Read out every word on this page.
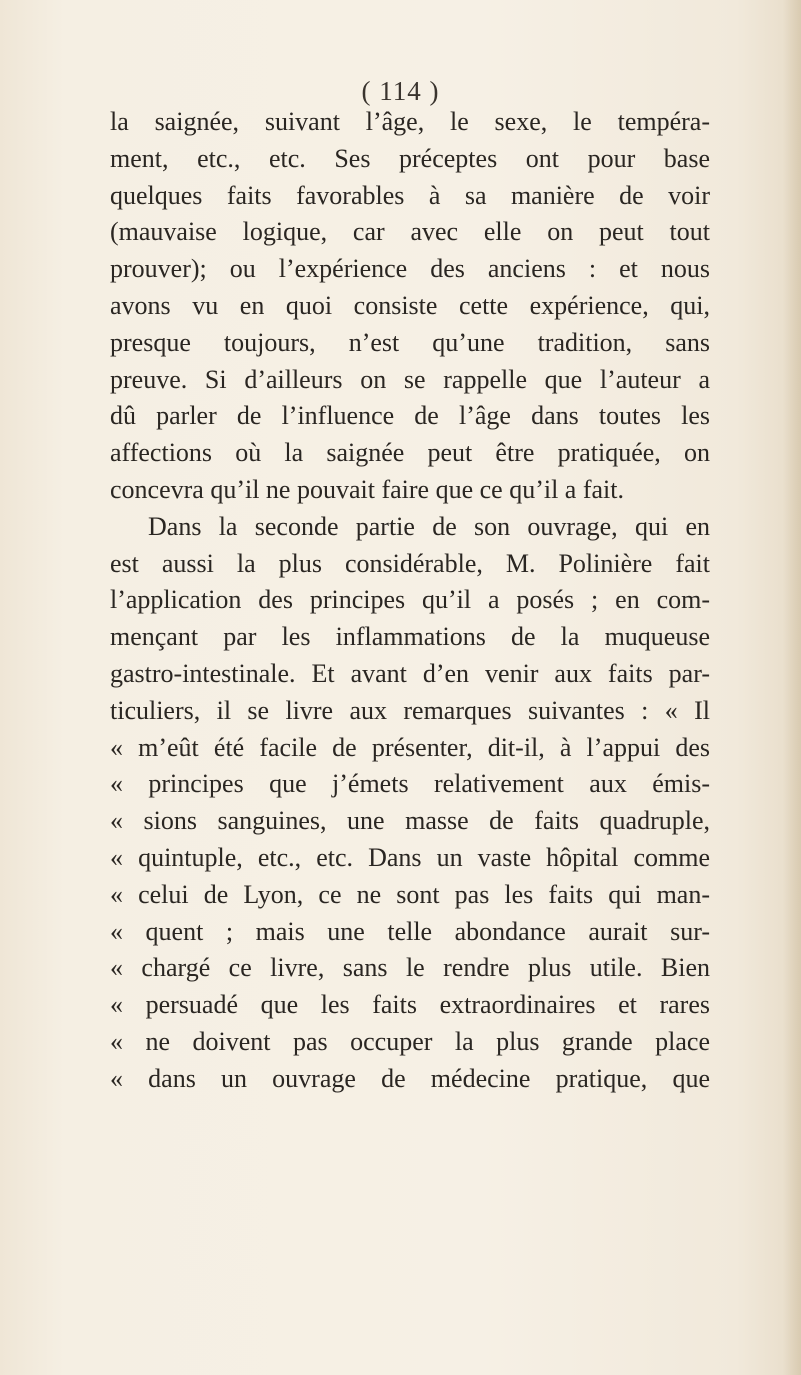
( 114 )
la saignée, suivant l’âge, le sexe, le tempéra-
ment, etc., etc. Ses préceptes ont pour base
quelques faits favorables à sa manière de voir
(mauvaise logique, car avec elle on peut tout
prouver); ou l’expérience des anciens : et nous
avons vu en quoi consiste cette expérience, qui,
presque toujours, n’est qu’une tradition, sans
preuve. Si d’ailleurs on se rappelle que l’auteur a
dû parler de l’influence de l’âge dans toutes les
affections où la saignée peut être pratiquée, on
concevra qu’il ne pouvait faire que ce qu’il a fait.
Dans la seconde partie de son ouvrage, qui en
est aussi la plus considérable, M. Polinière fait
l’application des principes qu’il a posés ; en com-
mençant par les inflammations de la muqueuse
gastro-intestinale. Et avant d’en venir aux faits par-
ticuliers, il se livre aux remarques suivantes : « Il
« m’eût été facile de présenter, dit-il, à l’appui des
« principes que j’émets relativement aux émis-
« sions sanguines, une masse de faits quadruple,
« quintuple, etc., etc. Dans un vaste hôpital comme
« celui de Lyon, ce ne sont pas les faits qui man-
« quent ; mais une telle abondance aurait sur-
« chargé ce livre, sans le rendre plus utile. Bien
« persuadé que les faits extraordinaires et rares
« ne doivent pas occuper la plus grande place
« dans un ouvrage de médecine pratique, que
